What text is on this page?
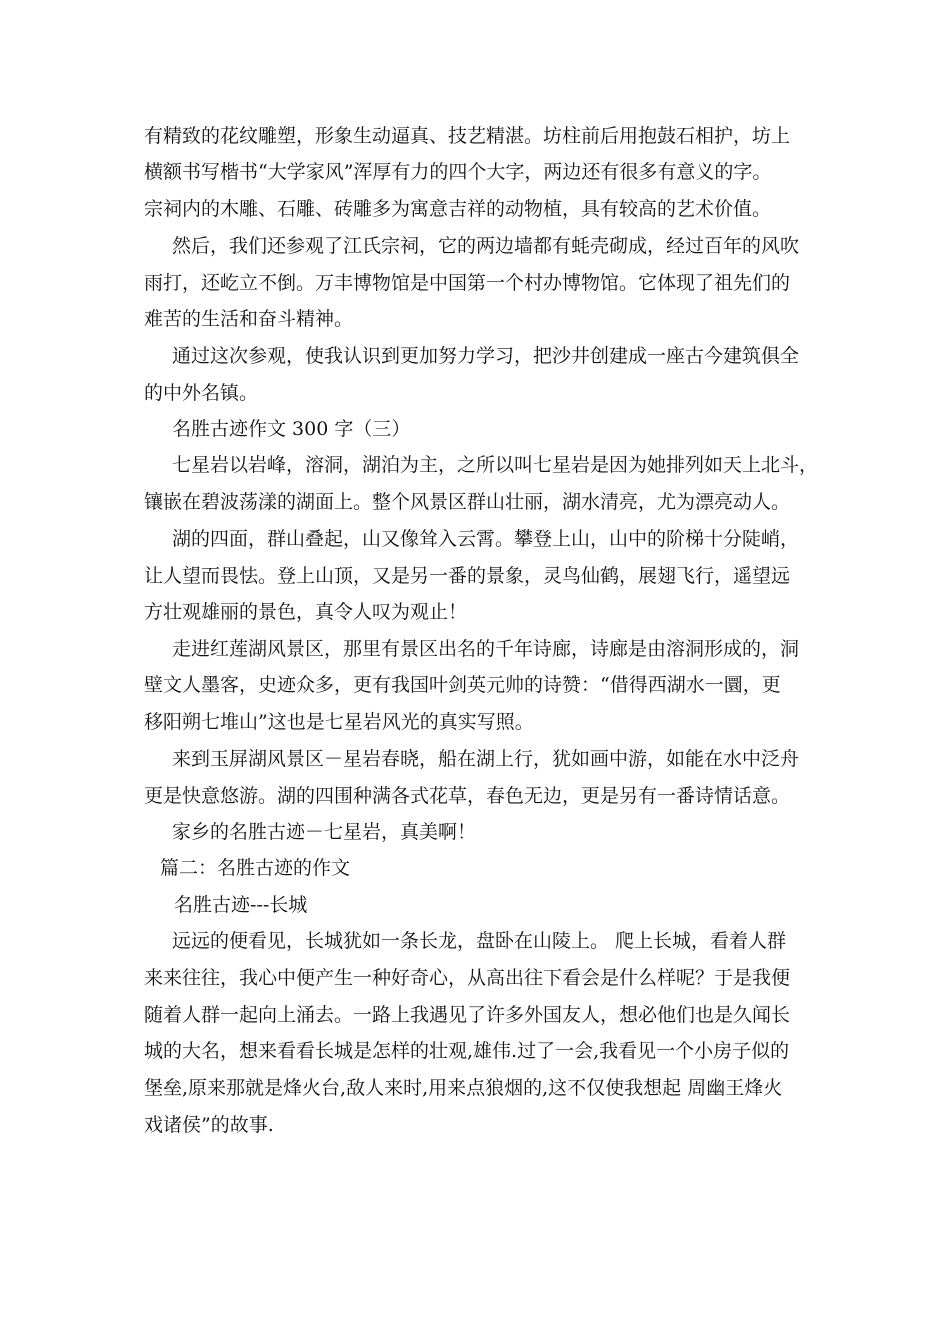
有精致的花纹雕塑，形象生动逼真、技艺精湛。坊柱前后用抱鼓石相护，坊上
横额书写楷书“大学家风”浑厚有力的四个大字，两边还有很多有意义的字。
宗祠内的木雕、石雕、砖雕多为寓意吉祥的动物植，具有较高的艺术价值。
然后，我们还参观了江氏宗祠，它的两边墙都有蚝壳砌成，经过百年的风吹
雨打，还屹立不倒。万丰博物馆是中国第一个村办博物馆。它体现了祖先们的
难苦的生活和奋斗精神。
通过这次参观，使我认识到更加努力学习，把沙井创建成一座古今建筑俱全
的中外名镇。
名胜古迹作文 300 字（三）
七星岩以岩峰，溶洞，湖泊为主，之所以叫七星岩是因为她排列如天上北斗，
镶嵌在碧波荡漾的湖面上。整个风景区群山壮丽，湖水清亮，尤为漂亮动人。
湖的四面，群山叠起，山又像耸入云霄。攀登上山，山中的阶梯十分陡峭，
让人望而畏怯。登上山顶，又是另一番的景象，灵鸟仙鹤，展翅飞行，遥望远
方壮观雄丽的景色，真令人叹为观止！
走进红莲湖风景区，那里有景区出名的千年诗廊，诗廊是由溶洞形成的，洞
壁文人墨客，史迹众多，更有我国叶剑英元帅的诗赞：“借得西湖水一圜，更
移阳朔七堆山”这也是七星岩风光的真实写照。
来到玉屏湖风景区－星岩春晓，船在湖上行，犹如画中游，如能在水中泛舟
更是快意悠游。湖的四围种满各式花草，春色无边，更是另有一番诗情话意。
家乡的名胜古迹－七星岩，真美啊！
篇二：名胜古迹的作文
名胜古迹---长城
远远的便看见，长城犹如一条长龙，盘卧在山陵上。 爬上长城，看着人群
来来往往，我心中便产生一种好奇心，从高出往下看会是什么样呢？于是我便
随着人群一起向上涌去。一路上我遇见了许多外国友人，想必他们也是久闻长
城的大名，想来看看长城是怎样的壮观,雄伟.过了一会,我看见一个小房子似的
堡垒,原来那就是烽火台,敌人来时,用来点狼烟的,这不仅使我想起 周幽王烽火
戏诸侯”的故事.
